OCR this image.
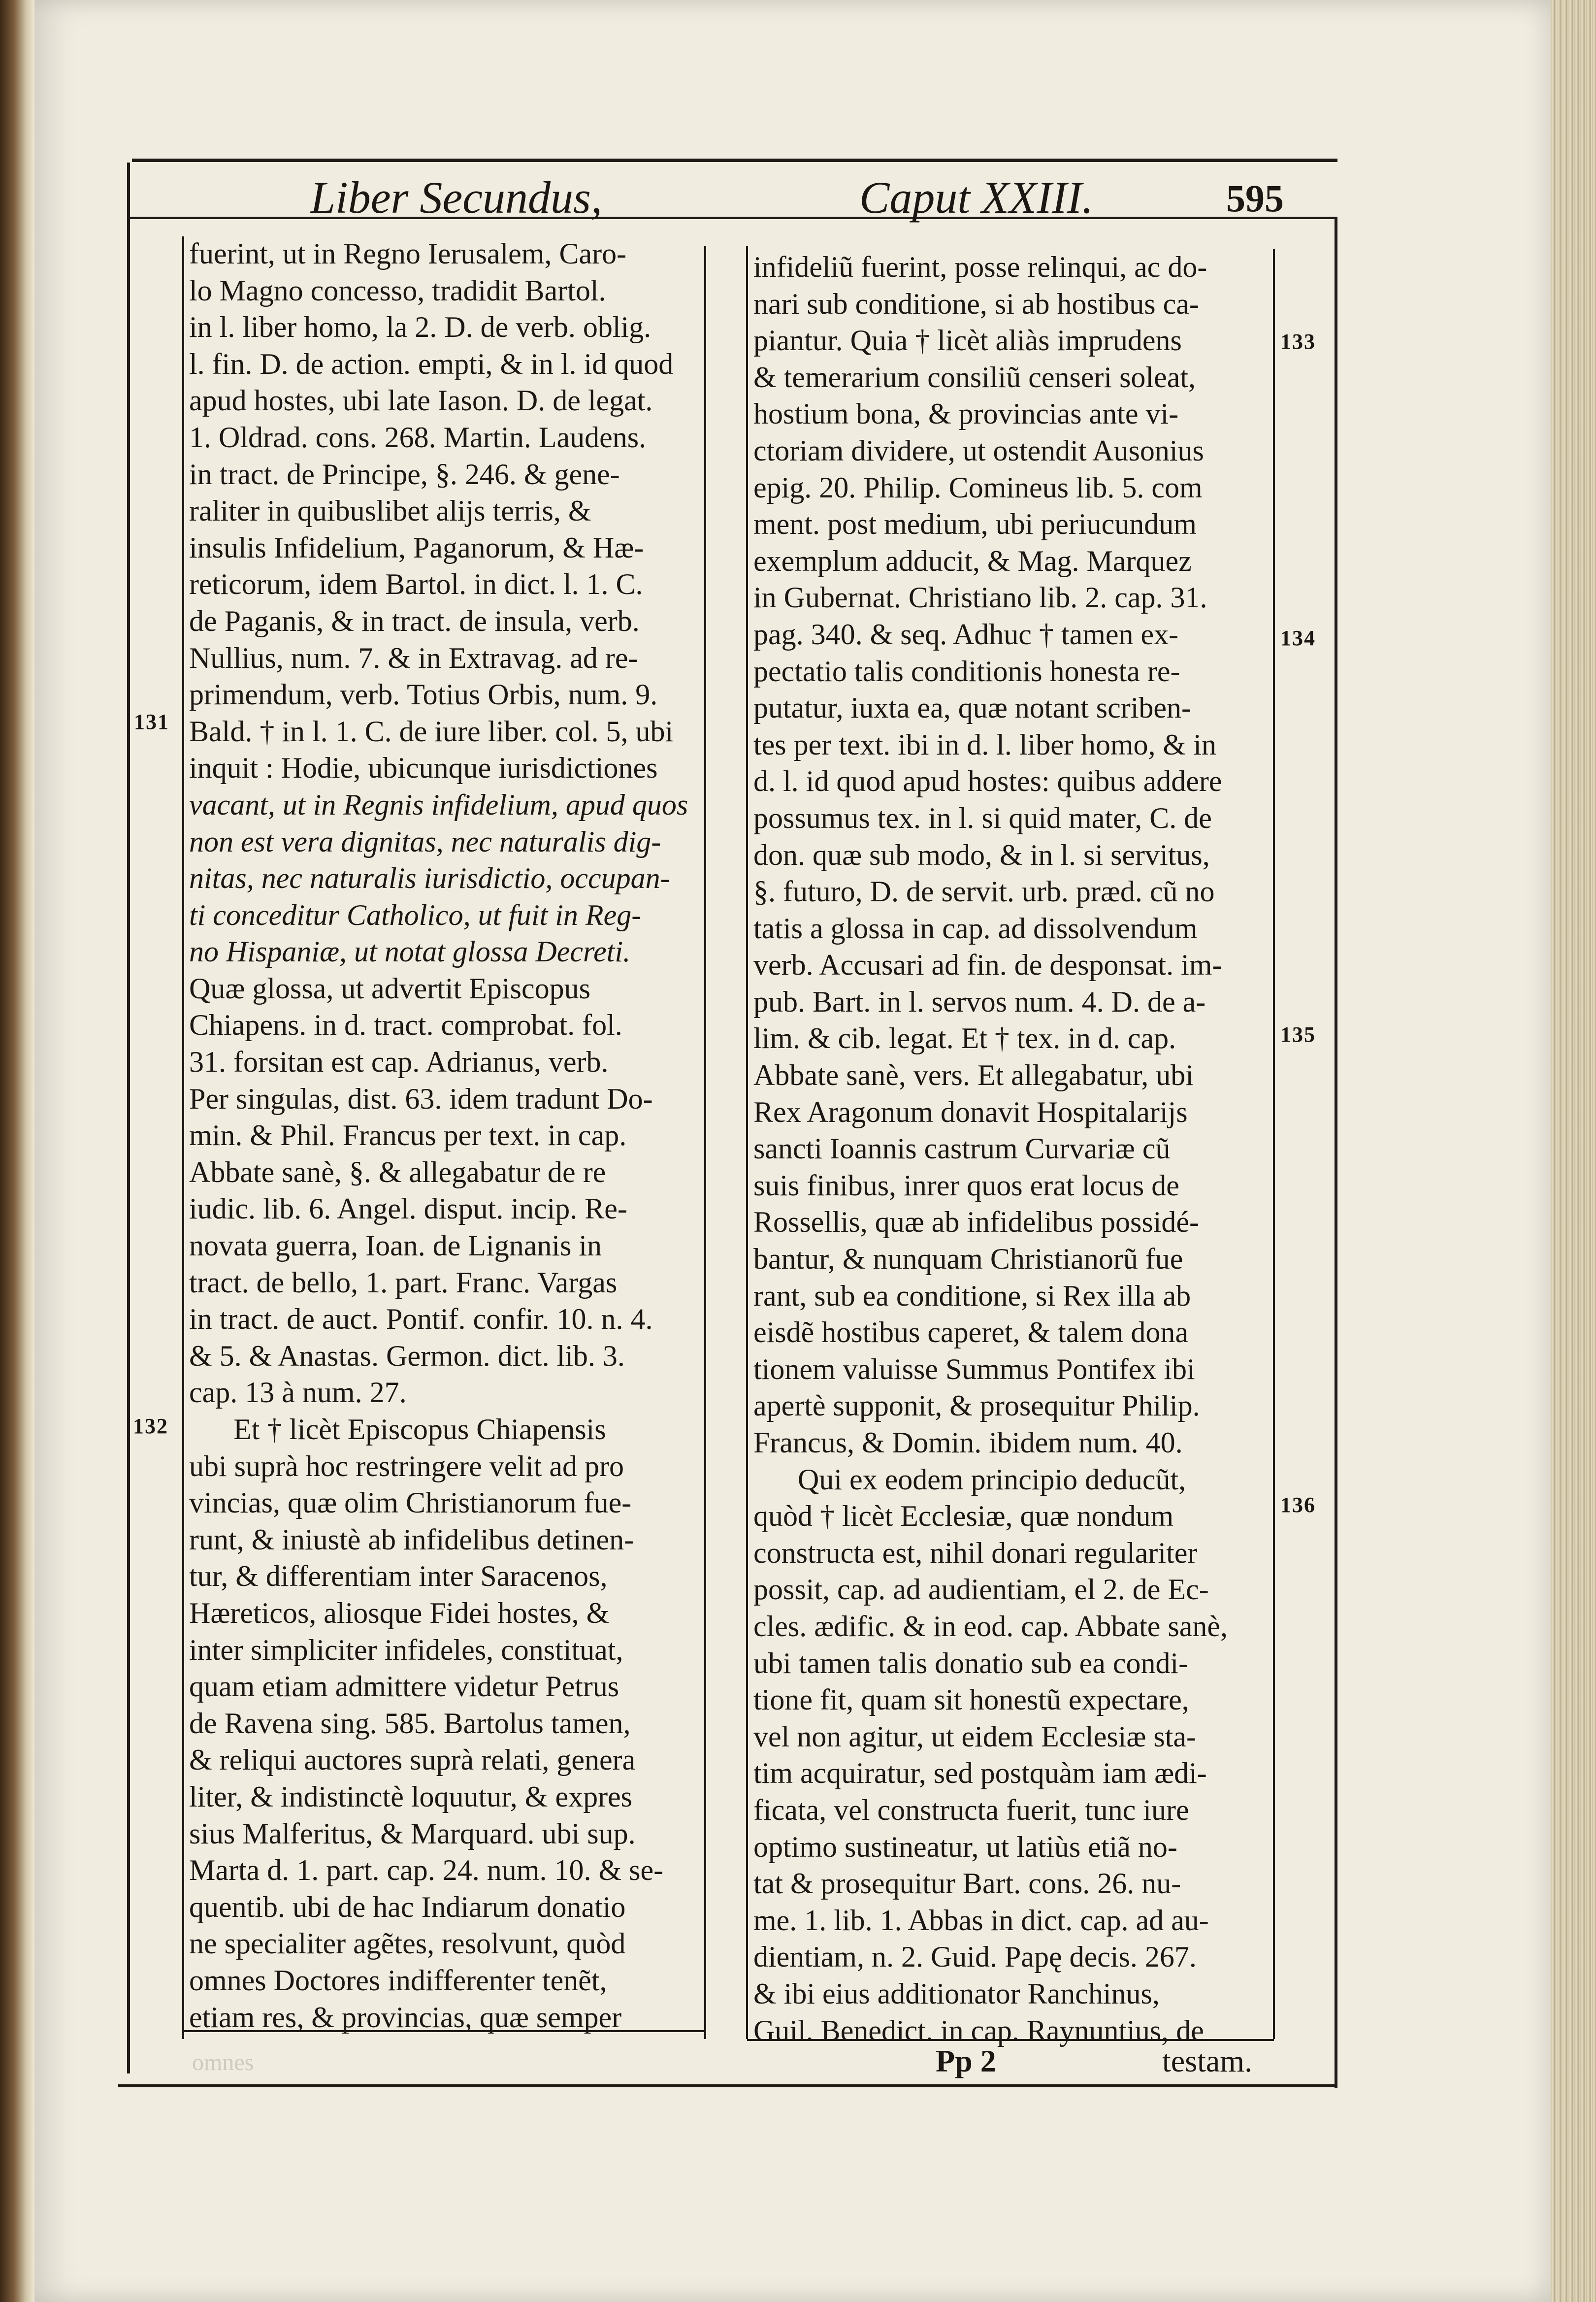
Liber Secundus,	Caput XXIII.	595
fuerint, ut in Regno Ierusalem, Caro-
lo Magno concesso, tradidit Bartol.
in l. liber homo, la 2. D. de verb. oblig.
l. fin. D. de action. empti, & in l. id quod
apud hostes, ubi late Iason. D. de legat.
1. Oldrad. cons. 268. Martin. Laudens.
in tract. de Principe, §. 246. & gene-
raliter in quibuslibet alijs terris, &
insulis Infidelium, Paganorum, & Hæ-
reticorum, idem Bartol. in dict. l. 1. C.
de Paganis, & in tract. de insula, verb.
Nullius, num. 7. & in Extravag. ad re-
primendum, verb. Totius Orbis, num. 9.
Bald. † in l. 1. C. de iure liber. col. 5, ubi
inquit : Hodie, ubicunque iurisdictiones
vacant, ut in Regnis infidelium, apud quos
non est vera dignitas, nec naturalis dig-
nitas, nec naturalis iurisdictio, occupan-
ti conceditur Catholico, ut fuit in Reg-
no Hispaniæ, ut notat glossa Decreti.
Quæ glossa, ut advertit Episcopus
Chiapens. in d. tract. comprobat. fol.
31. forsitan est cap. Adrianus, verb.
Per singulas, dist. 63. idem tradunt Do-
min. & Phil. Francus per text. in cap.
Abbate sanè, §. & allegabatur de re
iudic. lib. 6. Angel. disput. incip. Re-
novata guerra, Ioan. de Lignanis in
tract. de bello, 1. part. Franc. Vargas
in tract. de auct. Pontif. confir. 10. n. 4.
& 5. & Anastas. Germon. dict. lib. 3.
cap. 13 à num. 27.
Et † licèt Episcopus Chiapensis
ubi suprà hoc restringere velit ad pro
vincias, quæ olim Christianorum fue-
runt, & iniustè ab infidelibus detinen-
tur, & differentiam inter Saracenos,
Hæreticos, aliosque Fidei hostes, &
inter simpliciter infideles, constituat,
quam etiam admittere videtur Petrus
de Ravena sing. 585. Bartolus tamen,
& reliqui auctores suprà relati, genera
liter, & indistinctè loquutur, & expres
sius Malferitus, & Marquard. ubi sup.
Marta d. 1. part. cap. 24. num. 10. & se-
quentib. ubi de hac Indiarum donatio
ne specialiter agẽtes, resolvunt, quòd
omnes Doctores indifferenter tenẽt,
etiam res, & provincias, quæ semper
infideliũ fuerint, posse relinqui, ac do-
nari sub conditione, si ab hostibus ca-
piantur. Quia † licèt aliàs imprudens
& temerarium consiliũ censeri soleat,
hostium bona, & provincias ante vi-
ctoriam dividere, ut ostendit Ausonius
epig. 20. Philip. Comineus lib. 5. com
ment. post medium, ubi periucundum
exemplum adducit, & Mag. Marquez
in Gubernat. Christiano lib. 2. cap. 31.
pag. 340. & seq. Adhuc † tamen ex-
pectatio talis conditionis honesta re-
putatur, iuxta ea, quæ notant scriben-
tes per text. ibi in d. l. liber homo, & in
d. l. id quod apud hostes: quibus addere
possumus tex. in l. si quid mater, C. de
don. quæ sub modo, & in l. si servitus,
§. futuro, D. de servit. urb. præd. cũ no
tatis a glossa in cap. ad dissolvendum
verb. Accusari ad fin. de desponsat. im-
pub. Bart. in l. servos num. 4. D. de a-
lim. & cib. legat. Et † tex. in d. cap.
Abbate sanè, vers. Et allegabatur, ubi
Rex Aragonum donavit Hospitalarijs
sancti Ioannis castrum Curvariæ cũ
suis finibus, inrer quos erat locus de
Rossellis, quæ ab infidelibus possidé-
bantur, & nunquam Christianorũ fue
rant, sub ea conditione, si Rex illa ab
eisdẽ hostibus caperet, & talem dona
tionem valuisse Summus Pontifex ibi
apertè supponit, & prosequitur Philip.
Francus, & Domin. ibidem num. 40.
Qui ex eodem principio deducũt,
quòd † licèt Ecclesiæ, quæ nondum
constructa est, nihil donari regulariter
possit, cap. ad audientiam, el 2. de Ec-
cles. ædific. & in eod. cap. Abbate sanè,
ubi tamen talis donatio sub ea condi-
tione fit, quam sit honestũ expectare,
vel non agitur, ut eidem Ecclesiæ sta-
tim acquiratur, sed postquàm iam ædi-
ficata, vel constructa fuerit, tunc iure
optimo sustineatur, ut latiùs etiã no-
tat & prosequitur Bart. cons. 26. nu-
me. 1. lib. 1. Abbas in dict. cap. ad au-
dientiam, n. 2. Guid. Papę decis. 267.
& ibi eius additionator Ranchinus,
Guil. Benedict. in cap. Raynuntius, de
131
132
133
134
135
136
Pp 2	testam.
omnes
